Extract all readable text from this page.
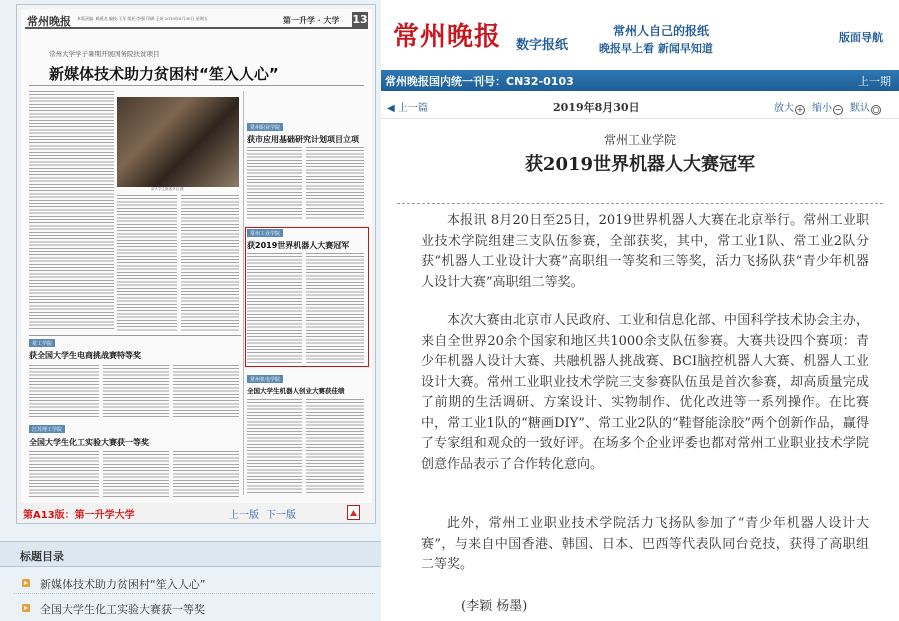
常州晚报 本版责编: 赖燕龙 编校:王军 组托:李强 印刷:王英 2019年8月30日 星期五	第一升学 · 大学 13
常州大学学子暑期开展国务院扶贫项目
新媒体技术助力贫困村“笙入人心”
常大学生做客节目 摄
常州职业学院
获市应用基础研究计划项目立项
常州工业学院
获2019世界机器人大赛冠军
常工学院
获全国大学生电商挑战赛特等奖
常州机电学院
全国大学生机器人创业大赛获佳绩
江苏理工学院
全国大学生化工实验大赛获一等奖
第A13版：第一升学大学	上一版 下一版
标题目录
新媒体技术助力贫困村“笙入人心”
全国大学生化工实验大赛获一等奖
常州晚报 数字报纸
常州人自己的报纸
晚报早上看 新闻早知道
版面导航
常州晚报国内统一刊号：CN32-0103	上一期
◀ 上一篇	2019年8月30日	放大 + 缩小 − 默认 ○
常州工业学院
获2019世界机器人大赛冠军

本报讯 8月20日至25日，2019世界机器人大赛在北京举行。常州工业职业技术学院组建三支队伍参赛，全部获奖，其中，常工业1队、常工业2队分获“机器人工业设计大赛”高职组一等奖和三等奖，活力飞扬队获“青少年机器人设计大赛”高职组二等奖。

本次大赛由北京市人民政府、工业和信息化部、中国科学技术协会主办，来自全世界20余个国家和地区共1000余支队伍参赛。大赛共设四个赛项：青少年机器人设计大赛、共融机器人挑战赛、BCI脑控机器人大赛、机器人工业设计大赛。常州工业职业技术学院三支参赛队伍虽是首次参赛，却高质量完成了前期的生活调研、方案设计、实物制作、优化改进等一系列操作。在比赛中，常工业1队的“糖画DIY”、常工业2队的“鞋督能涂胶”两个创新作品，赢得了专家组和观众的一致好评。在场多个企业评委也都对常州工业职业技术学院创意作品表示了合作转化意向。

此外，常州工业职业技术学院活力飞扬队参加了“青少年机器人设计大赛”，与来自中国香港、韩国、日本、巴西等代表队同台竞技，获得了高职组二等奖。

(李颖 杨墨)
